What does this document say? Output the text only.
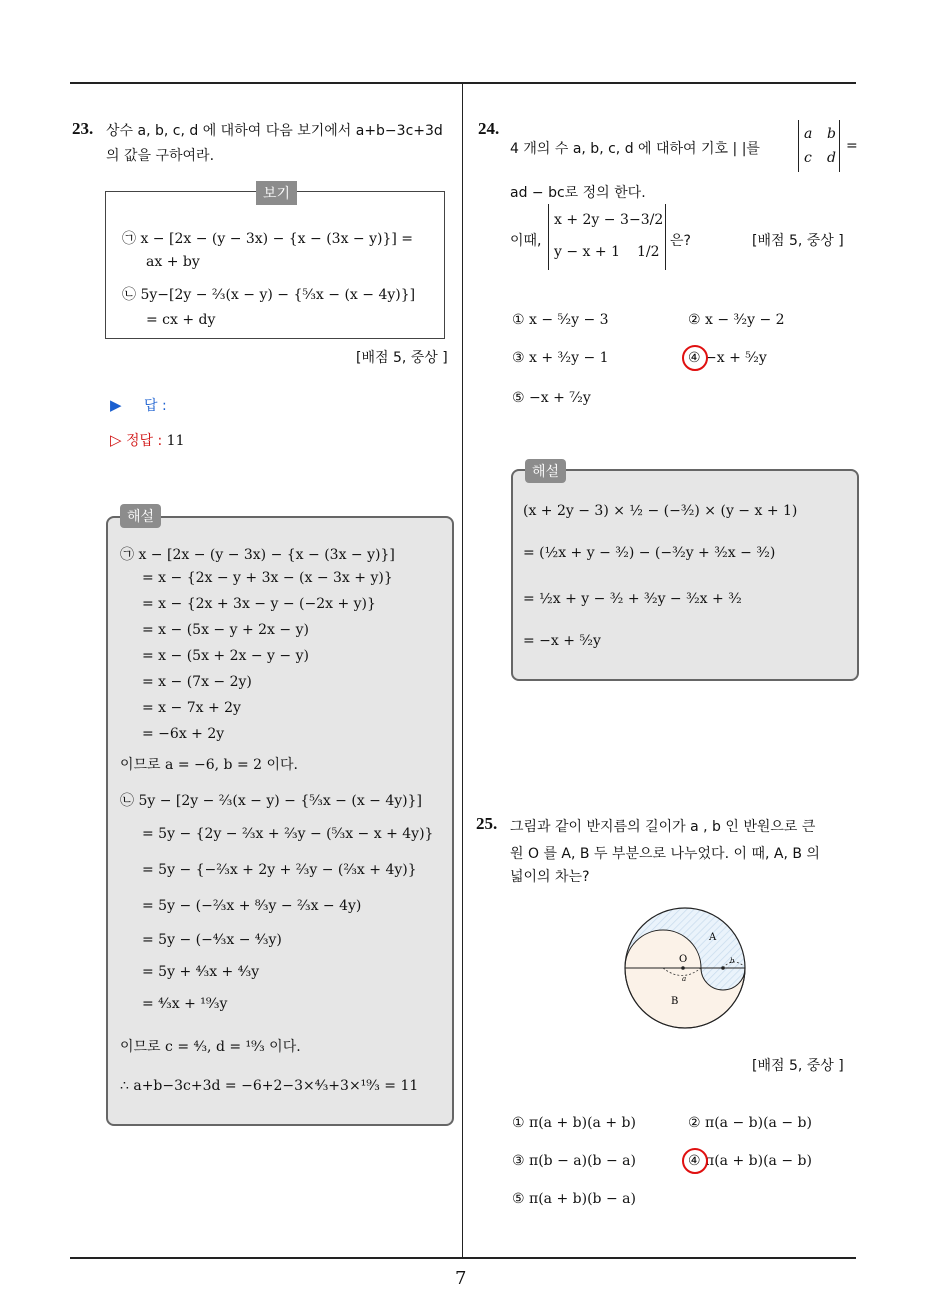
7
23. 상수 a, b, c, d 에 대하여 다음 보기에서 a+b−3c+3d
의 값을 구하여라.
보기
㉠ x − [2x − (y − 3x) − {x − (3x − y)}] =
ax + by
㉡ 5y−[2y − ²⁄₃(x − y) − {⁵⁄₃x − (x − 4y)}]
= cx + dy
[배점 5, 중상 ]
▶ 답 :
▷ 정답 : 11
해설
㉠ x − [2x − (y − 3x) − {x − (3x − y)}]
= x − {2x − y + 3x − (x − 3x + y)}
= x − {2x + 3x − y − (−2x + y)}
= x − (5x − y + 2x − y)
= x − (5x + 2x − y − y)
= x − (7x − 2y)
= x − 7x + 2y
= −6x + 2y
이므로 a = −6, b = 2 이다.
㉡ 5y − [2y − ²⁄₃(x − y) − {⁵⁄₃x − (x − 4y)}]
= 5y − {2y − ²⁄₃x + ²⁄₃y − (⁵⁄₃x − x + 4y)}
= 5y − {−²⁄₃x + 2y + ²⁄₃y − (²⁄₃x + 4y)}
= 5y − (−²⁄₃x + ⁸⁄₃y − ²⁄₃x − 4y)
= 5y − (−⁴⁄₃x − ⁴⁄₃y)
= 5y + ⁴⁄₃x + ⁴⁄₃y
= ⁴⁄₃x + ¹⁹⁄₃y
이므로 c = ⁴⁄₃, d = ¹⁹⁄₃ 이다.
∴ a+b−3c+3d = −6+2−3×⁴⁄₃+3×¹⁹⁄₃ = 11
24.
4 개의 수 a, b, c, d 에 대하여 기호 | |를
a b
c d
=
ad − bc로 정의 한다.
이때,
x + 2y − 3 −3/2
y − x + 1 1/2
은?	[배점 5, 중상 ]
① x − ⁵⁄₂y − 3	② x − ³⁄₂y − 2
③ x + ³⁄₂y − 1	④ −x + ⁵⁄₂y
⑤ −x + ⁷⁄₂y
해설
(x + 2y − 3) × ½ − (−³⁄₂) × (y − x + 1)
= (½x + y − ³⁄₂) − (−³⁄₂y + ³⁄₂x − ³⁄₂)
= ½x + y − ³⁄₂ + ³⁄₂y − ³⁄₂x + ³⁄₂
= −x + ⁵⁄₂y
25. 그림과 같이 반지름의 길이가 a , b 인 반원으로 큰
원 O 를 A, B 두 부분으로 나누었다. 이 때, A, B 의
넓이의 차는?
A
B
O
a
b
[배점 5, 중상 ]
① π(a + b)(a + b)	② π(a − b)(a − b)
③ π(b − a)(b − a)	④ π(a + b)(a − b)
⑤ π(a + b)(b − a)
